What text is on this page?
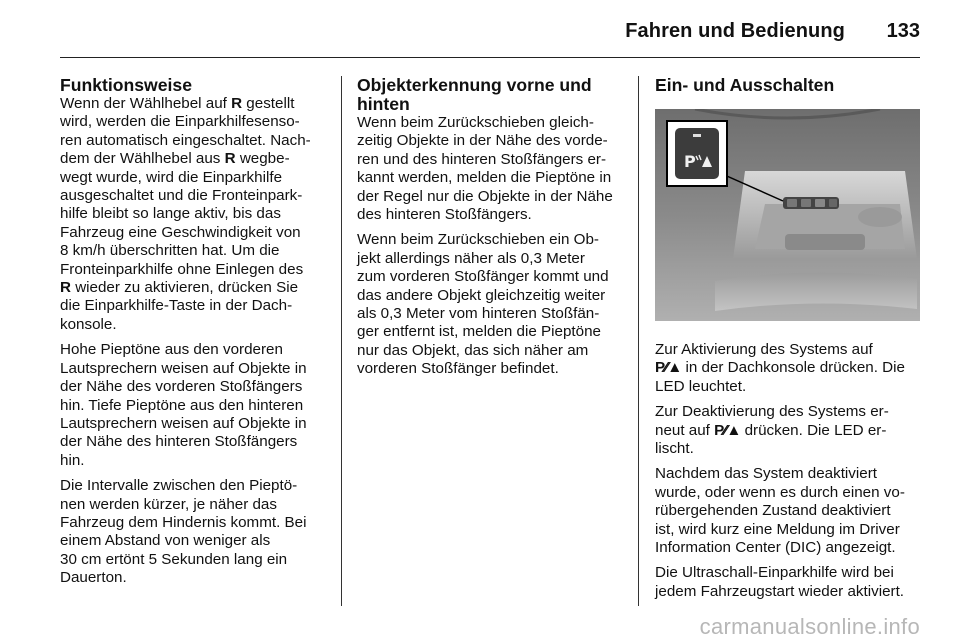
Fahren und Bedienung 133
Funktionsweise

Wenn der Wählhebel auf R gestellt
wird, werden die Einparkhilfesenso-
ren automatisch eingeschaltet. Nach-
dem der Wählhebel aus R wegbe-
wegt wurde, wird die Einparkhilfe
ausgeschaltet und die Fronteinpark-
hilfe bleibt so lange aktiv, bis das
Fahrzeug eine Geschwindigkeit von
8 km/h überschritten hat. Um die
Fronteinparkhilfe ohne Einlegen des
R wieder zu aktivieren, drücken Sie
die Einparkhilfe-Taste in der Dach-
konsole.

Hohe Pieptöne aus den vorderen
Lautsprechern weisen auf Objekte in
der Nähe des vorderen Stoßfängers
hin. Tiefe Pieptöne aus den hinteren
Lautsprechern weisen auf Objekte in
der Nähe des hinteren Stoßfängers
hin.

Die Intervalle zwischen den Pieptö-
nen werden kürzer, je näher das
Fahrzeug dem Hindernis kommt. Bei
einem Abstand von weniger als
30 cm ertönt 5 Sekunden lang ein
Dauerton.

Objekterkennung vorne und
hinten

Wenn beim Zurückschieben gleich-
zeitig Objekte in der Nähe des vorde-
ren und des hinteren Stoßfängers er-
kannt werden, melden die Pieptöne in
der Regel nur die Objekte in der Nähe
des hinteren Stoßfängers.

Wenn beim Zurückschieben ein Ob-
jekt allerdings näher als 0,3 Meter
zum vorderen Stoßfänger kommt und
das andere Objekt gleichzeitig weiter
als 0,3 Meter vom hinteren Stoßfän-
ger entfernt ist, melden die Pieptöne
nur das Objekt, das sich näher am
vorderen Stoßfänger befindet.

Ein- und Ausschalten
P

Zur Aktivierung des Systems auf
P⁄⁄▲ in der Dachkonsole drücken. Die
LED leuchtet.

Zur Deaktivierung des Systems er-
neut auf P⁄⁄▲ drücken. Die LED er-
lischt.

Nachdem das System deaktiviert
wurde, oder wenn es durch einen vo-
rübergehenden Zustand deaktiviert
ist, wird kurz eine Meldung im Driver
Information Center (DIC) angezeigt.

Die Ultraschall-Einparkhilfe wird bei
jedem Fahrzeugstart wieder aktiviert.

carmanualsonline.info
